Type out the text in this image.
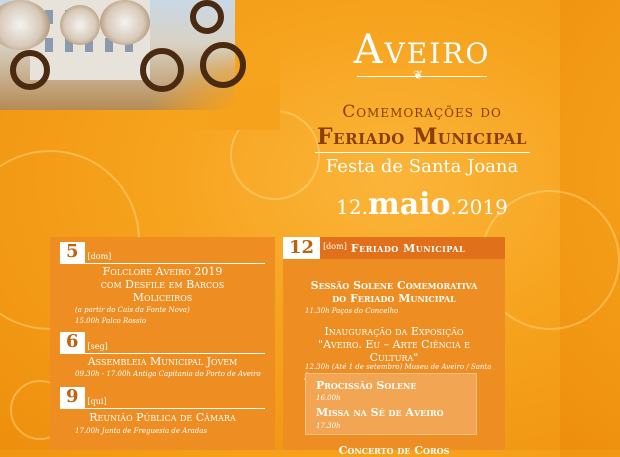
Aveiro
❦
Comemorações do
Feriado Municipal
Festa de Santa Joana
12.maio.2019
5	[dom]
Folclore Aveiro 2019
com Desfile em Barcos
Moliceiros
(a partir do Cais da Fonte Nova)
15.00h Palco Rossio
6	[seg]
Assembleia Municipal Jovem
09.30h - 17.00h Antiga Capitania do Porto de Aveiro
9	[qui]
Reunião Pública de Câmara
17.00h Junta de Freguesia de Aradas
12	[dom] Feriado Municipal
Sessão Solene Comemorativa
do Feriado Municipal
11.30h Paços do Concelho
Inauguração da Exposição
"Aveiro. Eu – Arte Ciência e
Cultura"
12.30h (Até 1 de setembro) Museu de Aveiro / Santa
Procissão Solene
16.00h
Missa na Sé de Aveiro
17.30h
Concerto de Coros
